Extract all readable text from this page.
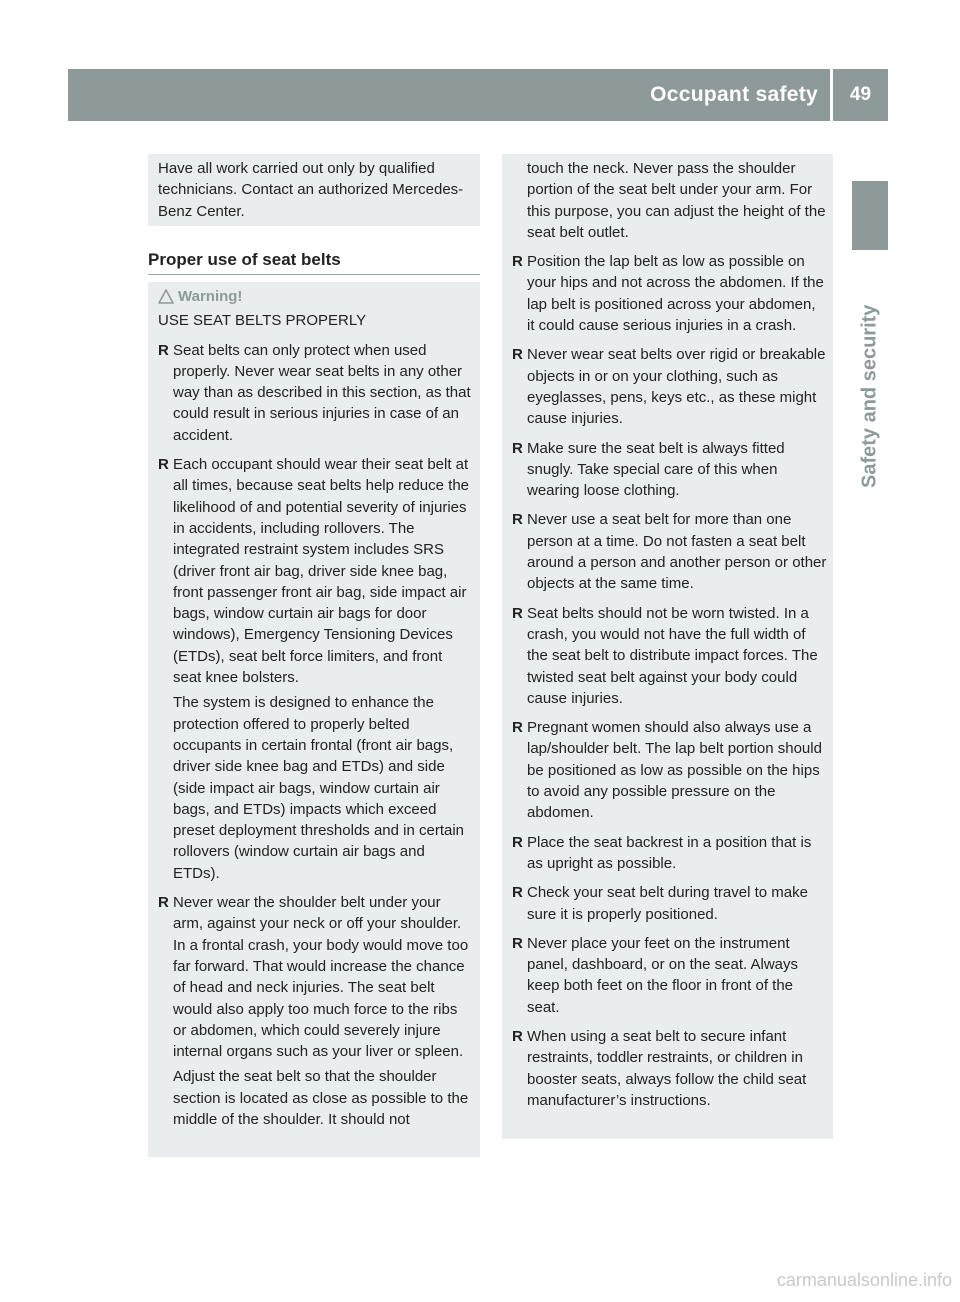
Occupant safety	49
Safety and security

Have all work carried out only by qualified technicians. Contact an authorized Mercedes-Benz Center.

Proper use of seat belts
Warning!

USE SEAT BELTS PROPERLY

R Seat belts can only protect when used properly. Never wear seat belts in any other way than as described in this section, as that could result in serious injuries in case of an accident.
R Each occupant should wear their seat belt at all times, because seat belts help reduce the likelihood of and potential severity of injuries in accidents, including rollovers. The integrated restraint system includes SRS (driver front air bag, driver side knee bag, front passenger front air bag, side impact air bags, window curtain air bags for door windows), Emergency Tensioning Devices (ETDs), seat belt force limiters, and front seat knee bolsters.
The system is designed to enhance the protection offered to properly belted occupants in certain frontal (front air bags, driver side knee bag and ETDs) and side (side impact air bags, window curtain air bags, and ETDs) impacts which exceed preset deployment thresholds and in certain rollovers (window curtain air bags and ETDs).
R Never wear the shoulder belt under your arm, against your neck or off your shoulder. In a frontal crash, your body would move too far forward. That would increase the chance of head and neck injuries. The seat belt would also apply too much force to the ribs or abdomen, which could severely injure internal organs such as your liver or spleen.
Adjust the seat belt so that the shoulder section is located as close as possible to the middle of the shoulder. It should not
touch the neck. Never pass the shoulder portion of the seat belt under your arm. For this purpose, you can adjust the height of the seat belt outlet.
R Position the lap belt as low as possible on your hips and not across the abdomen. If the lap belt is positioned across your abdomen, it could cause serious injuries in a crash.
R Never wear seat belts over rigid or breakable objects in or on your clothing, such as eyeglasses, pens, keys etc., as these might cause injuries.
R Make sure the seat belt is always fitted snugly. Take special care of this when wearing loose clothing.
R Never use a seat belt for more than one person at a time. Do not fasten a seat belt around a person and another person or other objects at the same time.
R Seat belts should not be worn twisted. In a crash, you would not have the full width of the seat belt to distribute impact forces. The twisted seat belt against your body could cause injuries.
R Pregnant women should also always use a lap/shoulder belt. The lap belt portion should be positioned as low as possible on the hips to avoid any possible pressure on the abdomen.
R Place the seat backrest in a position that is as upright as possible.
R Check your seat belt during travel to make sure it is properly positioned.
R Never place your feet on the instrument panel, dashboard, or on the seat. Always keep both feet on the floor in front of the seat.
R When using a seat belt to secure infant restraints, toddler restraints, or children in booster seats, always follow the child seat manufacturer’s instructions.
carmanualsonline.info
